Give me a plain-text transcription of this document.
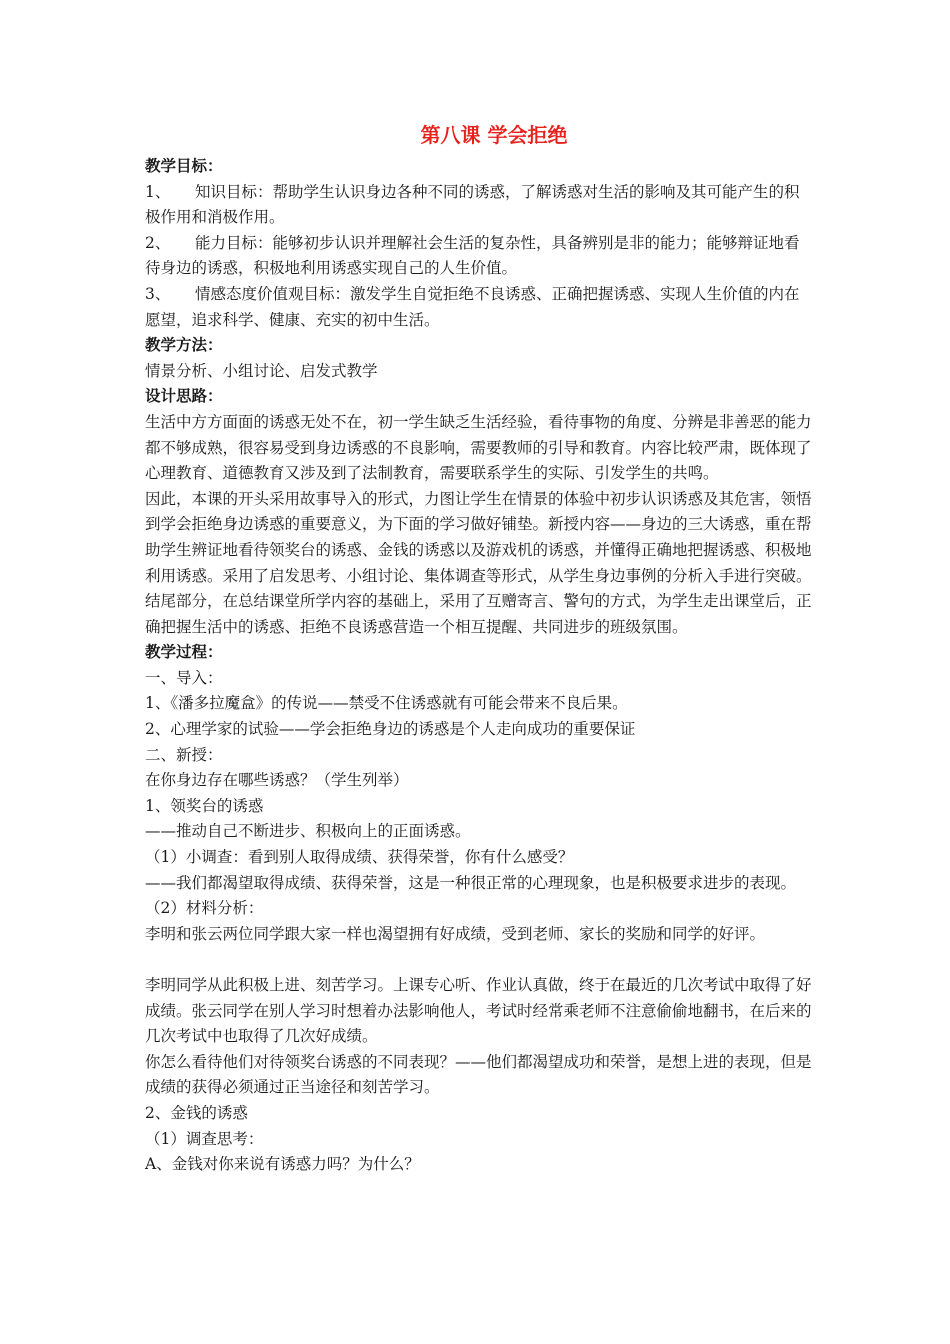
第八课 学会拒绝
教学目标：
1、 知识目标：帮助学生认识身边各种不同的诱惑，了解诱惑对生活的影响及其可能产生的积极作用和消极作用。
2、 能力目标：能够初步认识并理解社会生活的复杂性，具备辨别是非的能力；能够辩证地看待身边的诱惑，积极地利用诱惑实现自己的人生价值。
3、 情感态度价值观目标：激发学生自觉拒绝不良诱惑、正确把握诱惑、实现人生价值的内在愿望，追求科学、健康、充实的初中生活。
教学方法：

情景分析、小组讨论、启发式教学

设计思路：

生活中方方面面的诱惑无处不在，初一学生缺乏生活经验，看待事物的角度、分辨是非善恶的能力都不够成熟，很容易受到身边诱惑的不良影响，需要教师的引导和教育。内容比较严肃，既体现了心理教育、道德教育又涉及到了法制教育，需要联系学生的实际、引发学生的共鸣。

因此，本课的开头采用故事导入的形式，力图让学生在情景的体验中初步认识诱惑及其危害，领悟到学会拒绝身边诱惑的重要意义，为下面的学习做好铺垫。新授内容——身边的三大诱惑，重在帮助学生辨证地看待领奖台的诱惑、金钱的诱惑以及游戏机的诱惑，并懂得正确地把握诱惑、积极地利用诱惑。采用了启发思考、小组讨论、集体调查等形式，从学生身边事例的分析入手进行突破。结尾部分，在总结课堂所学内容的基础上，采用了互赠寄言、警句的方式，为学生走出课堂后，正确把握生活中的诱惑、拒绝不良诱惑营造一个相互提醒、共同进步的班级氛围。

教学过程：

一、导入：

1、《潘多拉魔盒》的传说——禁受不住诱惑就有可能会带来不良后果。

2、心理学家的试验——学会拒绝身边的诱惑是个人走向成功的重要保证

二、新授：

在你身边存在哪些诱惑？（学生列举）

1、领奖台的诱惑

——推动自己不断进步、积极向上的正面诱惑。

（1）小调查：看到别人取得成绩、获得荣誉，你有什么感受？

——我们都渴望取得成绩、获得荣誉，这是一种很正常的心理现象，也是积极要求进步的表现。

（2）材料分析：

李明和张云两位同学跟大家一样也渴望拥有好成绩，受到老师、家长的奖励和同学的好评。

李明同学从此积极上进、刻苦学习。上课专心听、作业认真做，终于在最近的几次考试中取得了好成绩。张云同学在别人学习时想着办法影响他人，考试时经常乘老师不注意偷偷地翻书，在后来的几次考试中也取得了几次好成绩。

你怎么看待他们对待领奖台诱惑的不同表现？——他们都渴望成功和荣誉，是想上进的表现，但是成绩的获得必须通过正当途径和刻苦学习。

2、金钱的诱惑

（1）调查思考：

A、金钱对你来说有诱惑力吗？为什么？
